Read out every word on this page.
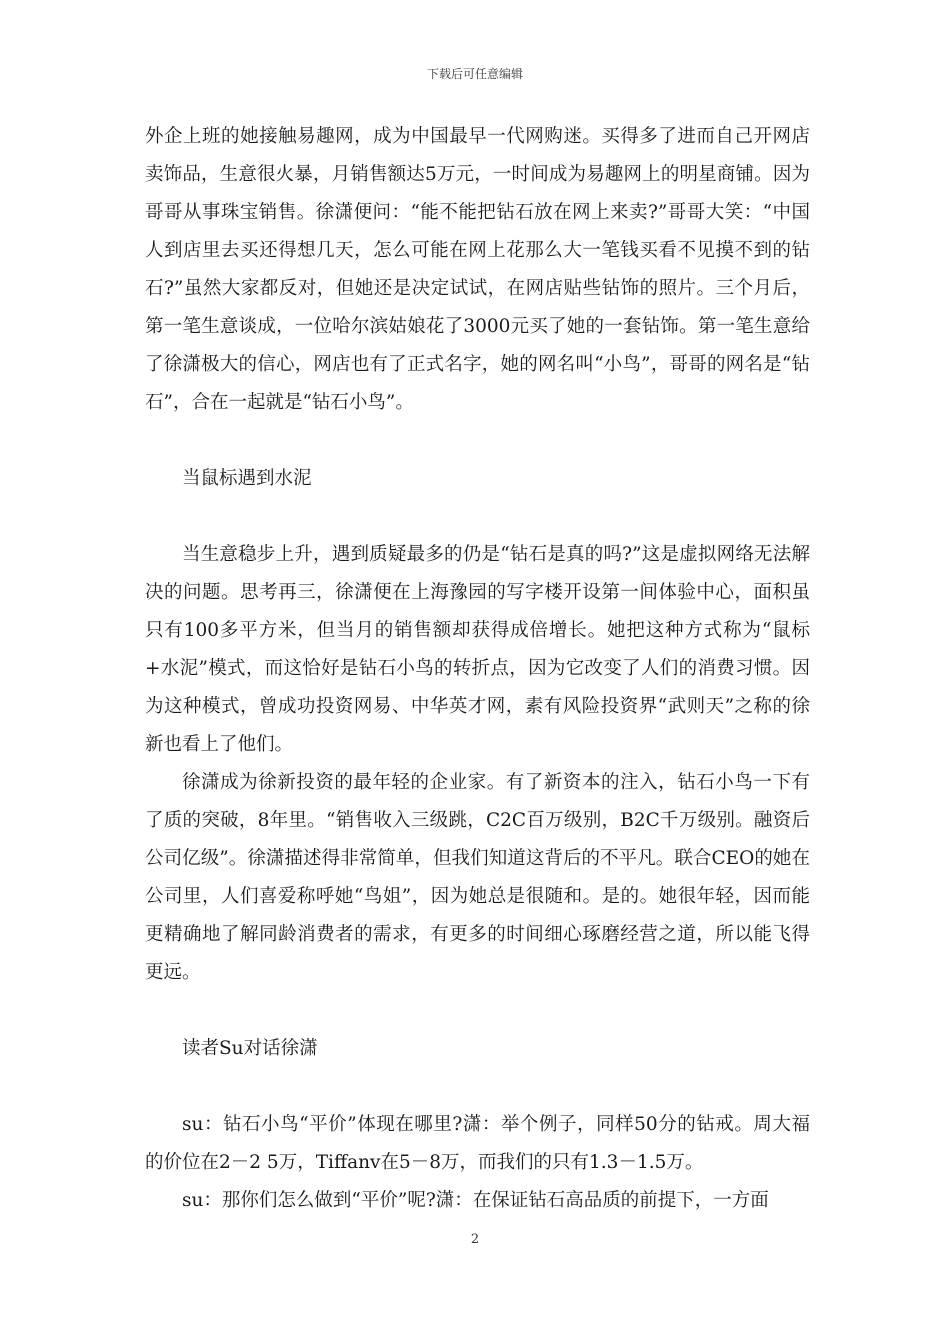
下载后可任意编辑

外企上班的她接触易趣网，成为中国最早一代网购迷。买得多了进而自己开网店卖饰品，生意很火暴，月销售额达5万元，一时间成为易趣网上的明星商铺。因为哥哥从事珠宝销售。徐潇便问：“能不能把钻石放在网上来卖?”哥哥大笑：“中国人到店里去买还得想几天，怎么可能在网上花那么大一笔钱买看不见摸不到的钻石?”虽然大家都反对，但她还是决定试试，在网店贴些钻饰的照片。三个月后，第一笔生意谈成，一位哈尔滨姑娘花了3000元买了她的一套钻饰。第一笔生意给了徐潇极大的信心，网店也有了正式名字，她的网名叫“小鸟”，哥哥的网名是“钻石”，合在一起就是“钻石小鸟”。

当鼠标遇到水泥

当生意稳步上升，遇到质疑最多的仍是“钻石是真的吗?”这是虚拟网络无法解决的问题。思考再三，徐潇便在上海豫园的写字楼开设第一间体验中心，面积虽只有100多平方米，但当月的销售额却获得成倍增长。她把这种方式称为“鼠标+水泥”模式，而这恰好是钻石小鸟的转折点，因为它改变了人们的消费习惯。因为这种模式，曾成功投资网易、中华英才网，素有风险投资界“武则天”之称的徐新也看上了他们。

徐潇成为徐新投资的最年轻的企业家。有了新资本的注入，钻石小鸟一下有了质的突破，8年里。“销售收入三级跳，C2C百万级别，B2C千万级别。融资后公司亿级”。徐潇描述得非常简单，但我们知道这背后的不平凡。联合CEO的她在公司里，人们喜爱称呼她“鸟姐”，因为她总是很随和。是的。她很年轻，因而能更精确地了解同龄消费者的需求，有更多的时间细心琢磨经营之道，所以能飞得更远。

读者Su对话徐潇

su：钻石小鸟“平价”体现在哪里?潇：举个例子，同样50分的钻戒。周大福的价位在2－2 5万，Tiffanv在5－8万，而我们的只有1.3－1.5万。

su：那你们怎么做到“平价”呢?潇：在保证钻石高品质的前提下，一方面

2
